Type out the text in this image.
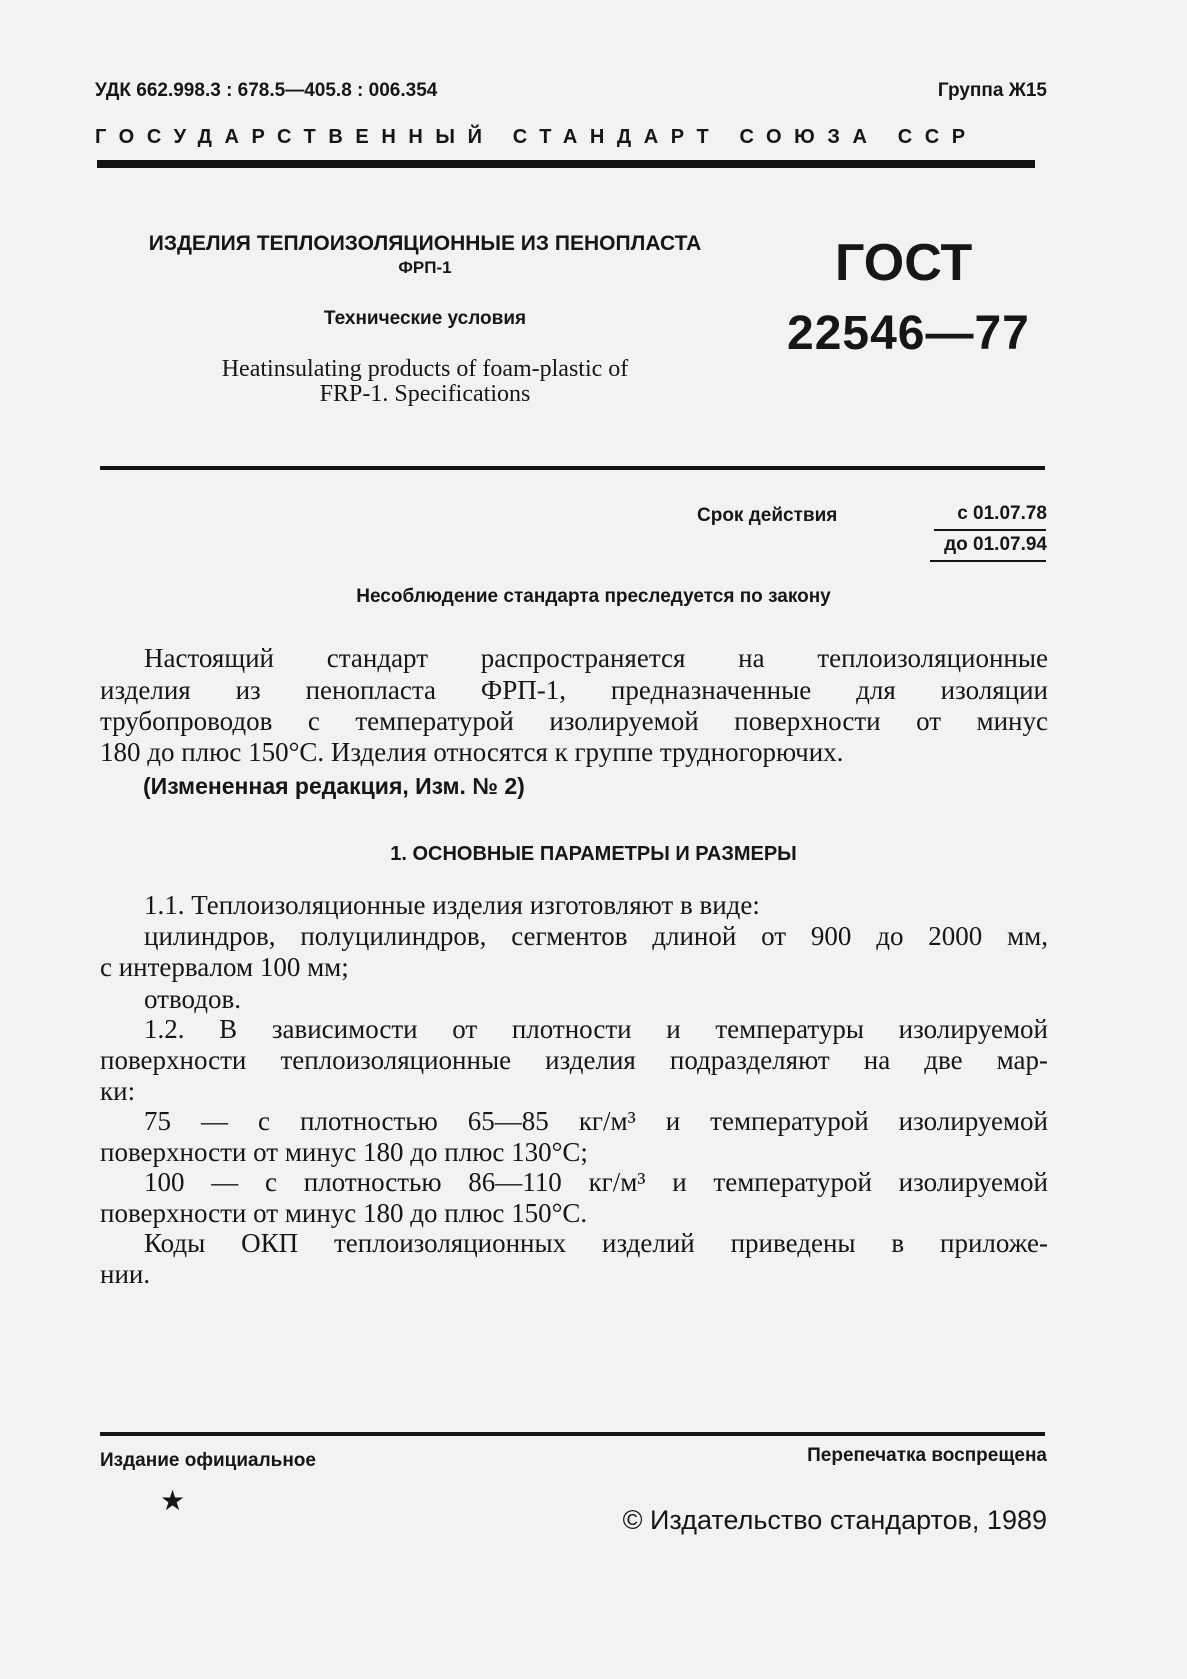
УДК 662.998.3 : 678.5—405.8 : 006.354	Группа Ж15
ГОСУДАРСТВЕННЫЙ СТАНДАРТ СОЮЗА ССР
ИЗДЕЛИЯ ТЕПЛОИЗОЛЯЦИОННЫЕ ИЗ ПЕНОПЛАСТА
ФРП-1
Технические условия
Heatinsulating products of foam-plastic of
FRP-1. Specifications
ГОСТ
22546—77
Срок действия	с 01.07.78
до 01.07.94
Несоблюдение стандарта преследуется по закону
Настоящий стандарт распространяется на теплоизоляционные
изделия из пенопласта ФРП-1, предназначенные для изоляции
трубопроводов с температурой изолируемой поверхности от минус
180 до плюс 150°С. Изделия относятся к группе трудногорючих.
(Измененная редакция, Изм. № 2)
1. ОСНОВНЫЕ ПАРАМЕТРЫ И РАЗМЕРЫ
1.1. Теплоизоляционные изделия изготовляют в виде:
цилиндров, полуцилиндров, сегментов длиной от 900 до 2000 мм,
с интервалом 100 мм;
отводов.
1.2. В зависимости от плотности и температуры изолируемой
поверхности теплоизоляционные изделия подразделяют на две мар-
ки:
75 — с плотностью 65—85 кг/м³ и температурой изолируемой
поверхности от минус 180 до плюс 130°С;
100 — с плотностью 86—110 кг/м³ и температурой изолируемой
поверхности от минус 180 до плюс 150°С.
Коды ОКП теплоизоляционных изделий приведены в приложе-
нии.
Издание официальное	Перепечатка воспрещена
★
© Издательство стандартов, 1989
